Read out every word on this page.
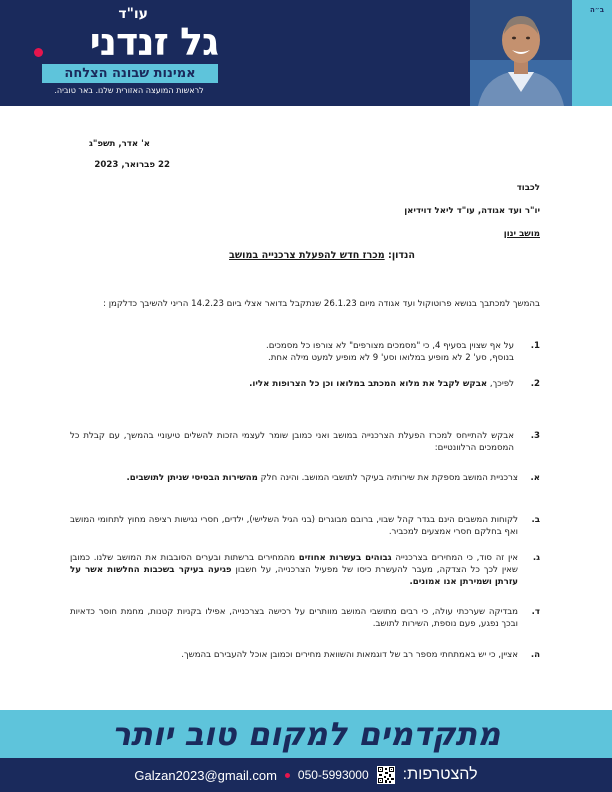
ב״ה
עו"ד
גל זנדני
אמינות שבונה הצלחה
לראשות המועצה האזורית שלנו. באר טוביה.
א' אדר, תשפ"ג
22 פברואר, 2023
לכבוד
יו"ר ועד אגודה, עו"ד ליאל דוידיאן
מושב ינון
הנדון: מכרז חדש להפעלת צרכנייה במושב
בהמשך למכתבך בנושא פרוטוקול ועד אגודה מיום 26.1.23 שנתקבל בדואר אצלי ביום 14.2.23 הריני להשיבך כדלקמן :
1.
על אף שצוין בסעיף 4, כי "מסמכים מצורפים" לא צורפו כל מסמכים.
בנוסף, סע' 2 לא מופיע במלואו וסע' 9 לא מופיע למעט מילה אחת.
2.
לפיכך, אבקש לקבל את מלוא המכתב במלואו וכן כל הצרופות אליו.
3.
אבקש להתייחס למכרז הפעלת הצרכנייה במושב ואני כמובן שומר לעצמי הזכות להשלים טיעוניי בהמשך, עם קבלת כל המסמכים הרלוונטיים:
א.
צרכניית המושב מספקת את שירותיה בעיקר לתושבי המושב. והינה חלק מהשירות הבסיסי שניתן לתושבים.
ב.
לקוחות המשבים הינם בגדר קהל שבוי, ברובם מבוגרים (בני הגיל השלישי), ילדים, חסרי נגישות רציפה מחוץ לתחומי המושב ואף בחלקם חסרי אמצעים למכביר.
ג.
אין זה סוד, כי המחירים בצרכנייה גבוהים בעשרות אחוזים מהמחירים ברשתות ובערים הסובבות את המושב שלנו. כמובן שאין לכך כל הצדקה, מעבר להעשרת כיסו של מפעיל הצרכנייה, על חשבון פגיעה בעיקר בשכבות החלשות אשר על עזרתן ושמירתן אנו אמונים.
ד.
מבדיקה שערכתי עולה, כי רבים מתושבי המושב מוותרים על רכישה בצרכנייה, אפילו בקניות קטנות, מחמת חוסר כדאיות ובכך נפגע, פעם נוספת, השירות לתושב.
ה.
אציין, כי יש באמתחתי מספר רב של דוגמאות והשוואת מחירים וכמובן אוכל להעבירם בהמשך.
מתקדמים למקום טוב יותר
Galzan2023@gmail.com 050-5993000 להצטרפות:
